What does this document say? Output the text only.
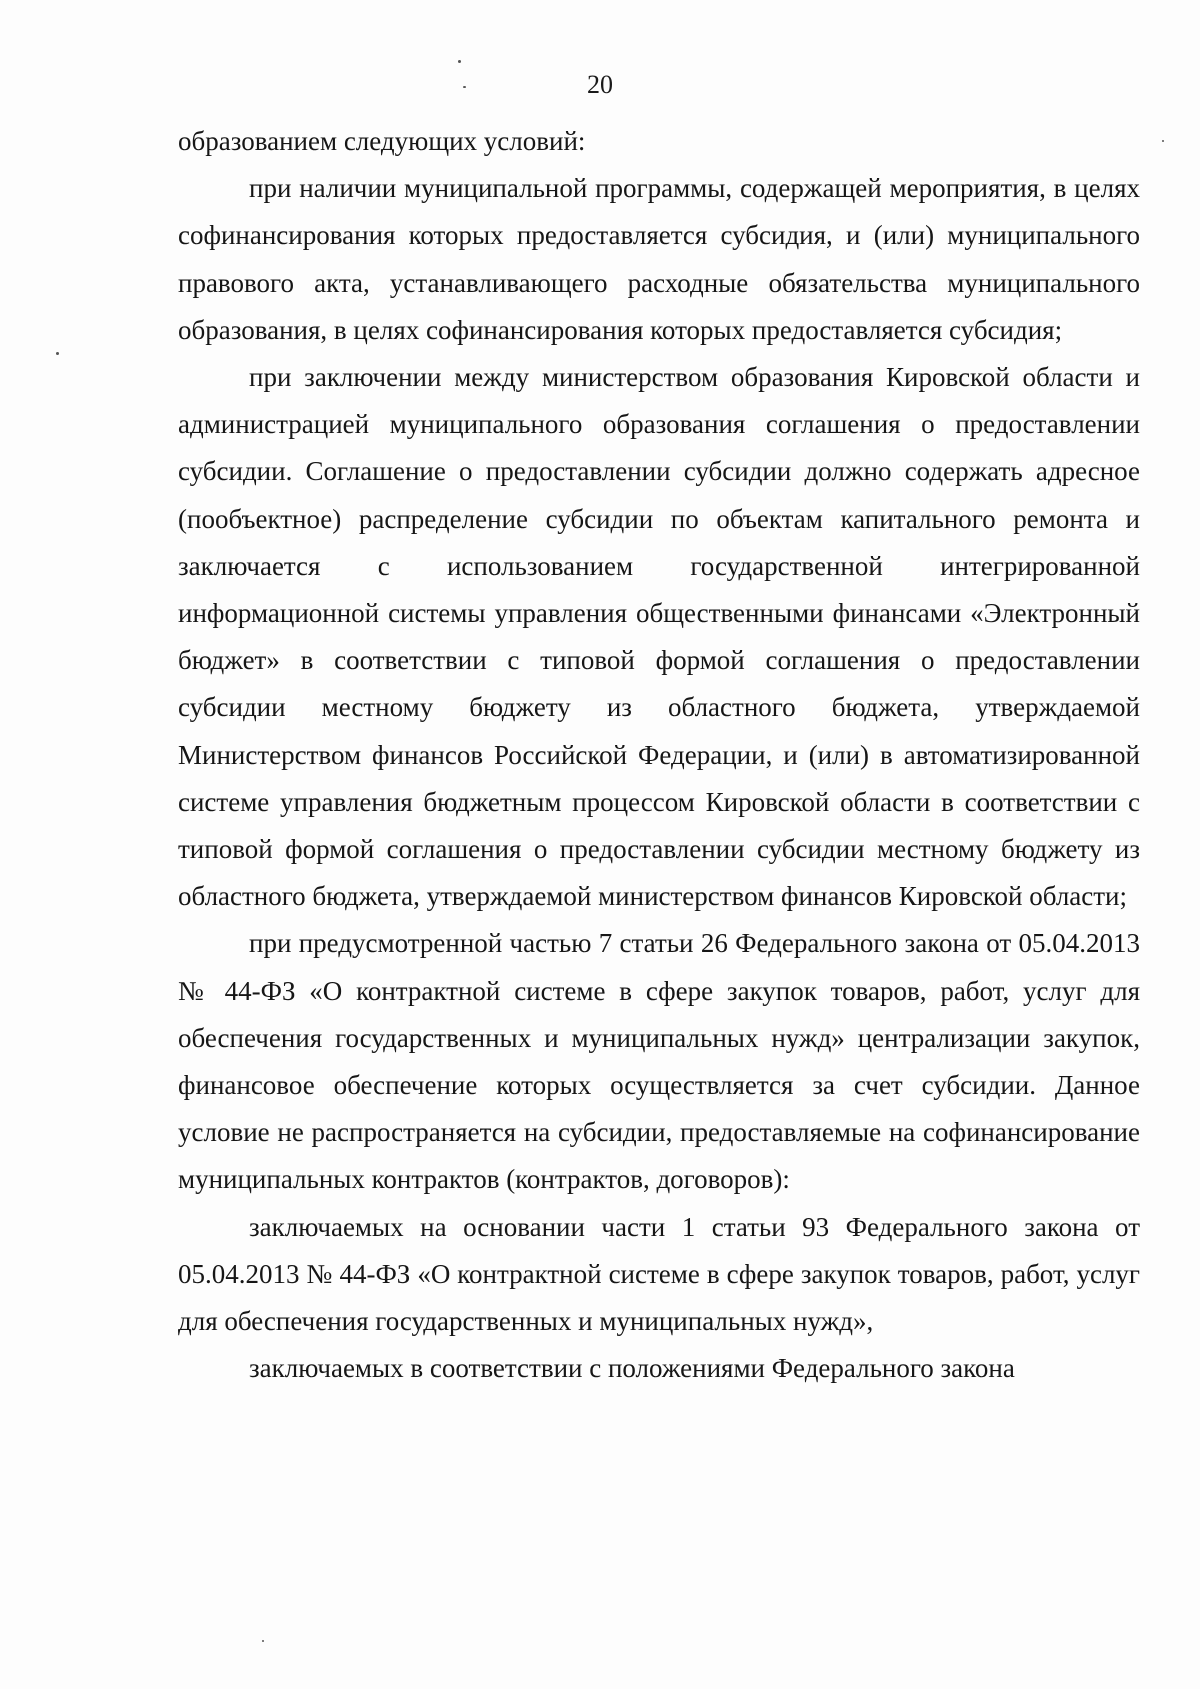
20

образованием следующих условий:

при наличии муниципальной программы, содержащей мероприятия, в целях софинансирования которых предоставляется субсидия, и (или) муниципального правового акта, устанавливающего расходные обязательства муниципального образования, в целях софинансирования которых предоставляется субсидия;

при заключении между министерством образования Кировской области и администрацией муниципального образования соглашения о предоставлении субсидии. Соглашение о предоставлении субсидии должно содержать адресное (пообъектное) распределение субсидии по объектам капитального ремонта и заключается с использованием государственной интегрированной информационной системы управления общественными финансами «Электронный бюджет» в соответствии с типовой формой соглашения о предоставлении субсидии местному бюджету из областного бюджета, утверждаемой Министерством финансов Российской Федерации, и (или) в автоматизированной системе управления бюджетным процессом Кировской области в соответствии с типовой формой соглашения о предоставлении субсидии местному бюджету из областного бюджета, утверждаемой министерством финансов Кировской области;

при предусмотренной частью 7 статьи 26 Федерального закона от 05.04.2013 № 44-ФЗ «О контрактной системе в сфере закупок товаров, работ, услуг для обеспечения государственных и муниципальных нужд» централизации закупок, финансовое обеспечение которых осуществляется за счет субсидии. Данное условие не распространяется на субсидии, предоставляемые на софинансирование муниципальных контрактов (контрактов, договоров):

заключаемых на основании части 1 статьи 93 Федерального закона от 05.04.2013 № 44-ФЗ «О контрактной системе в сфере закупок товаров, работ, услуг для обеспечения государственных и муниципальных нужд»,

заключаемых в соответствии с положениями Федерального закона
